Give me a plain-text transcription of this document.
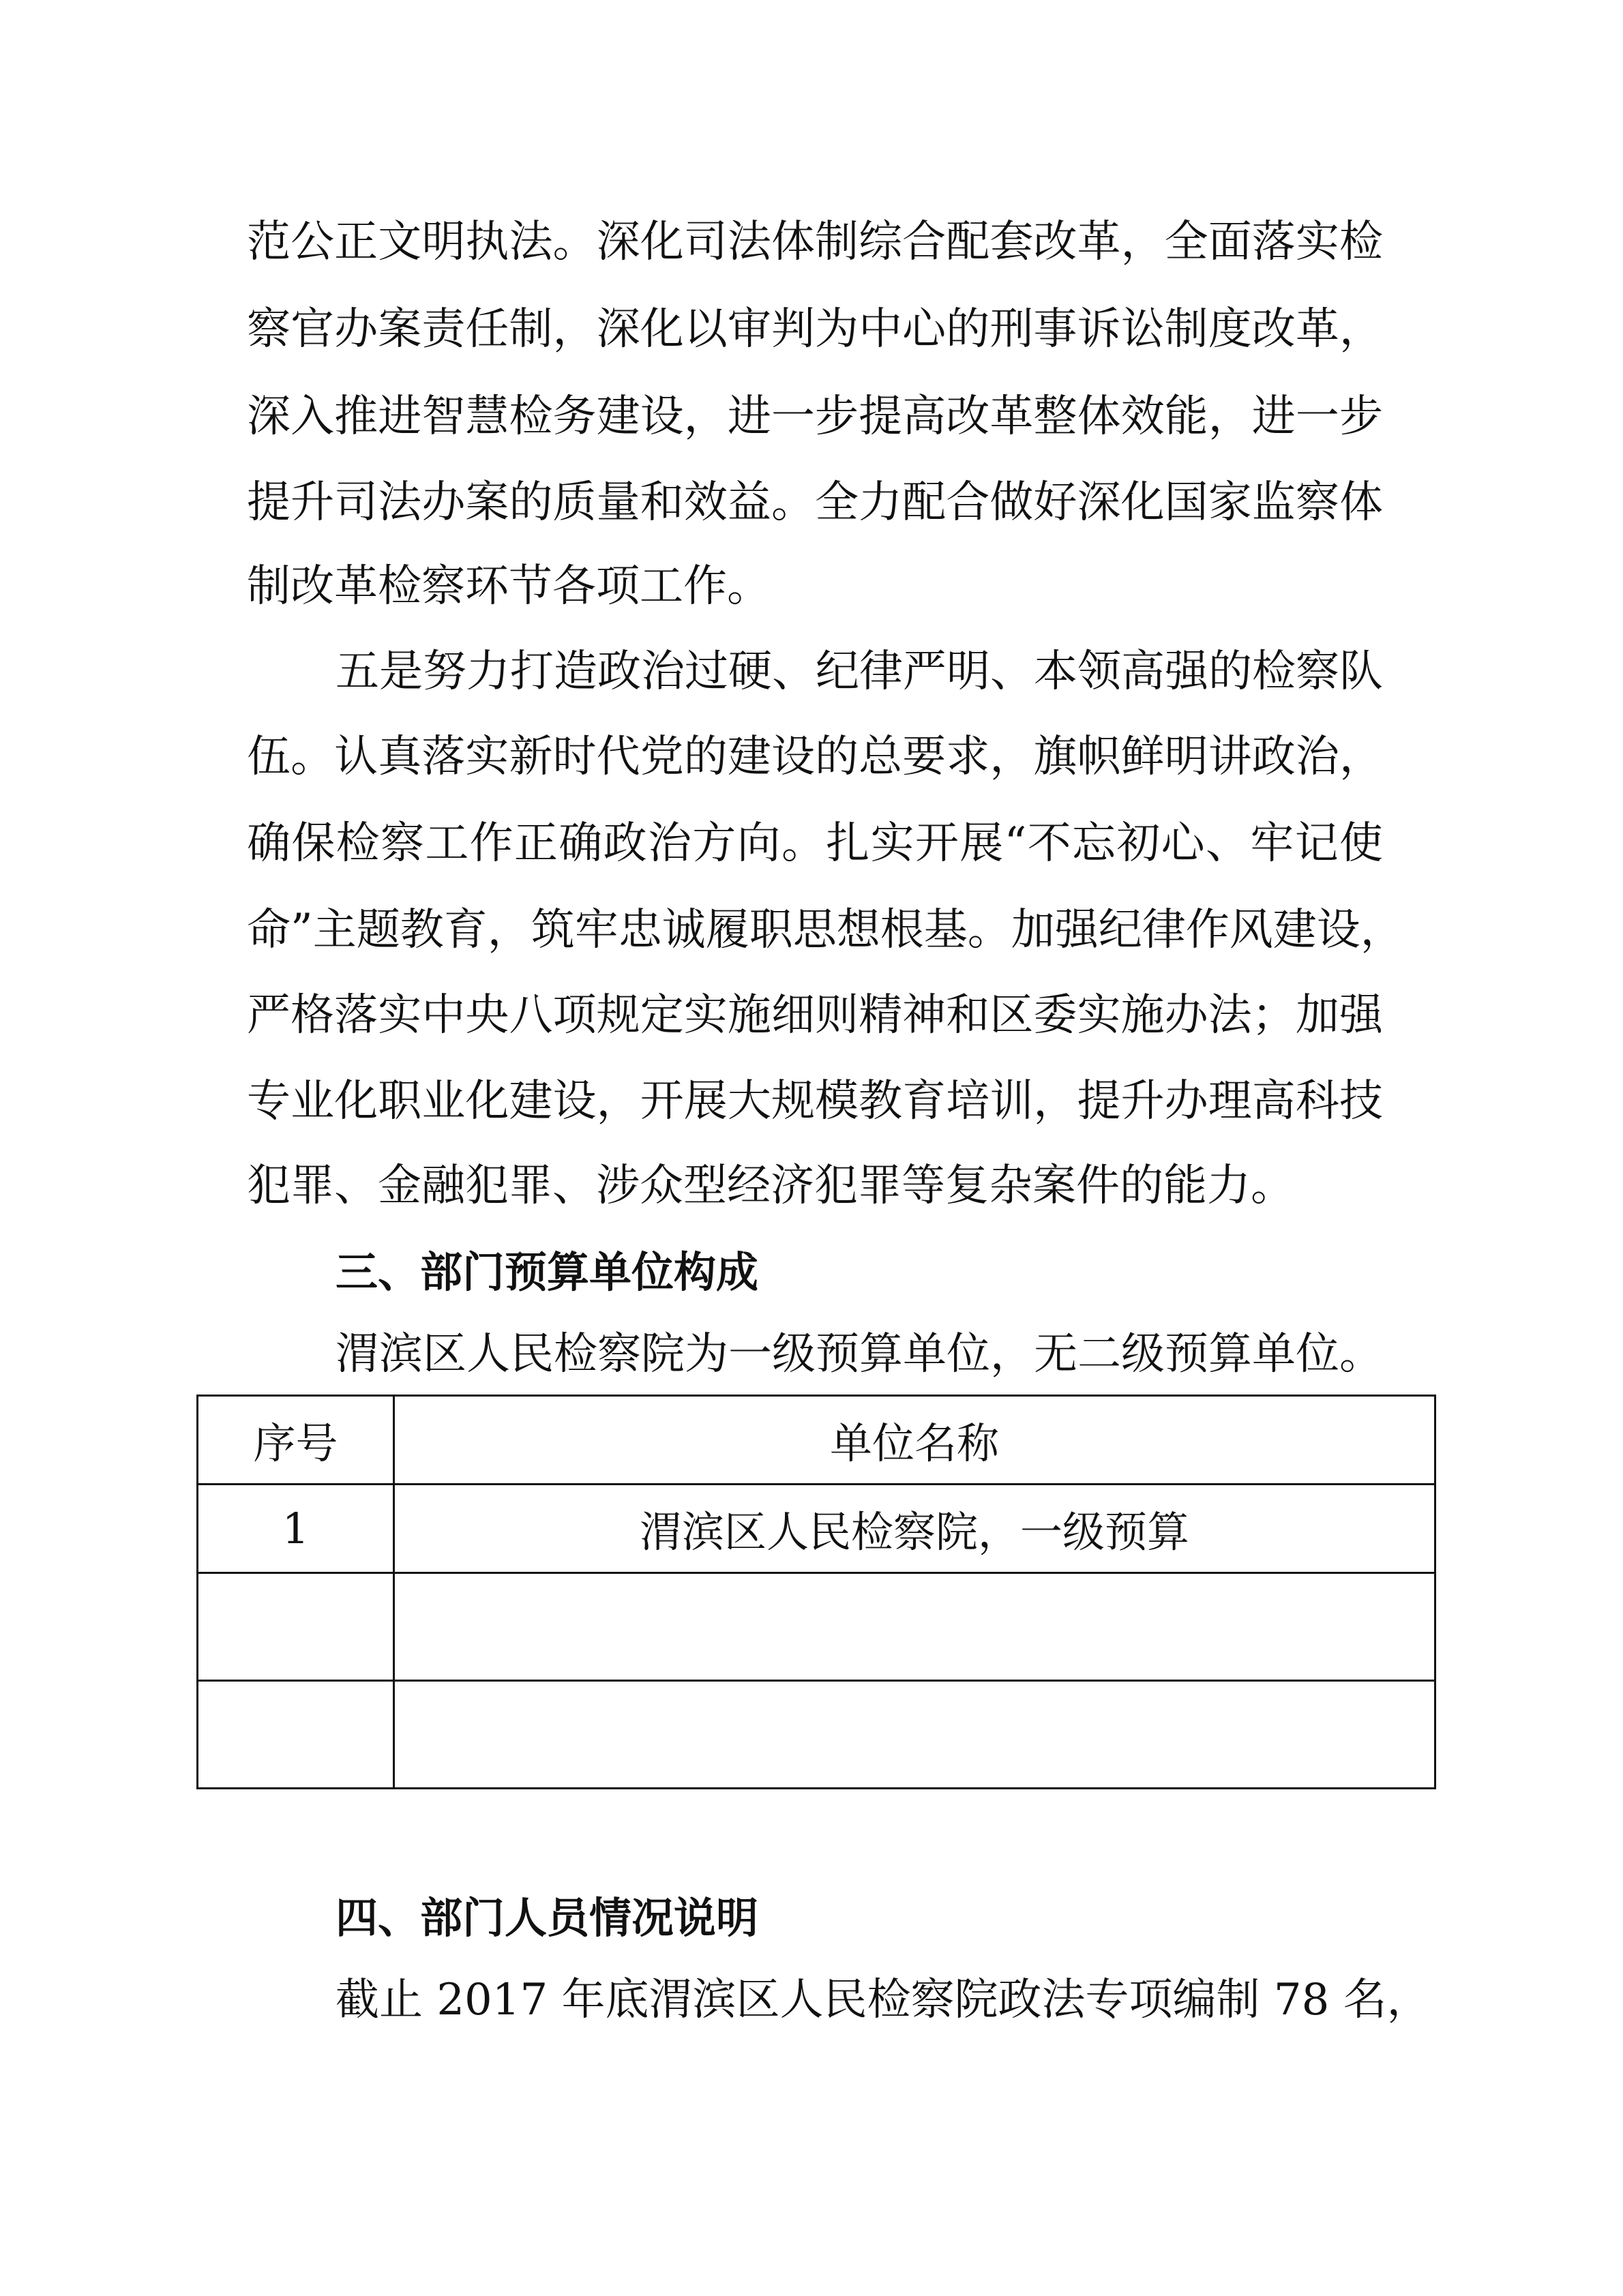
范 公 正 文 明 执 法 。 深 化 司 法 体 制 综 合 配 套 改 革 ， 全 面 落 实 检
察 官 办 案 责 任 制 ， 深 化 以 审 判 为 中 心 的 刑 事 诉 讼 制 度 改 革 ，
深 入 推 进 智 慧 检 务 建 设 ， 进 一 步 提 高 改 革 整 体 效 能 ， 进 一 步
提 升 司 法 办 案 的 质 量 和 效 益 。 全 力 配 合 做 好 深 化 国 家 监 察 体
制改革检察环节各项工作。
五 是 努 力 打 造 政 治 过 硬 、 纪 律 严 明 、 本 领 高 强 的 检 察 队
伍 。 认 真 落 实 新 时 代 党 的 建 设 的 总 要 求 ， 旗 帜 鲜 明 讲 政 治 ，
确 保 检 察 工 作 正 确 政 治 方 向 。 扎 实 开 展 “ 不 忘 初 心 、 牢 记 使
命 ” 主 题 教 育 ， 筑 牢 忠 诚 履 职 思 想 根 基 。 加 强 纪 律 作 风 建 设 ，
严 格 落 实 中 央 八 项 规 定 实 施 细 则 精 神 和 区 委 实 施 办 法 ； 加 强
专 业 化 职 业 化 建 设 ， 开 展 大 规 模 教 育 培 训 ， 提 升 办 理 高 科 技
犯罪、金融犯罪、涉众型经济犯罪等复杂案件的能力。
三、部门预算单位构成
渭滨区人民检察院为一级预算单位，无二级预算单位。
序号	单位名称
1	渭滨区人民检察院，一级预算

四、部门人员情况说明
截止 2017 年底渭滨区人民检察院政法专项编制 78 名，
